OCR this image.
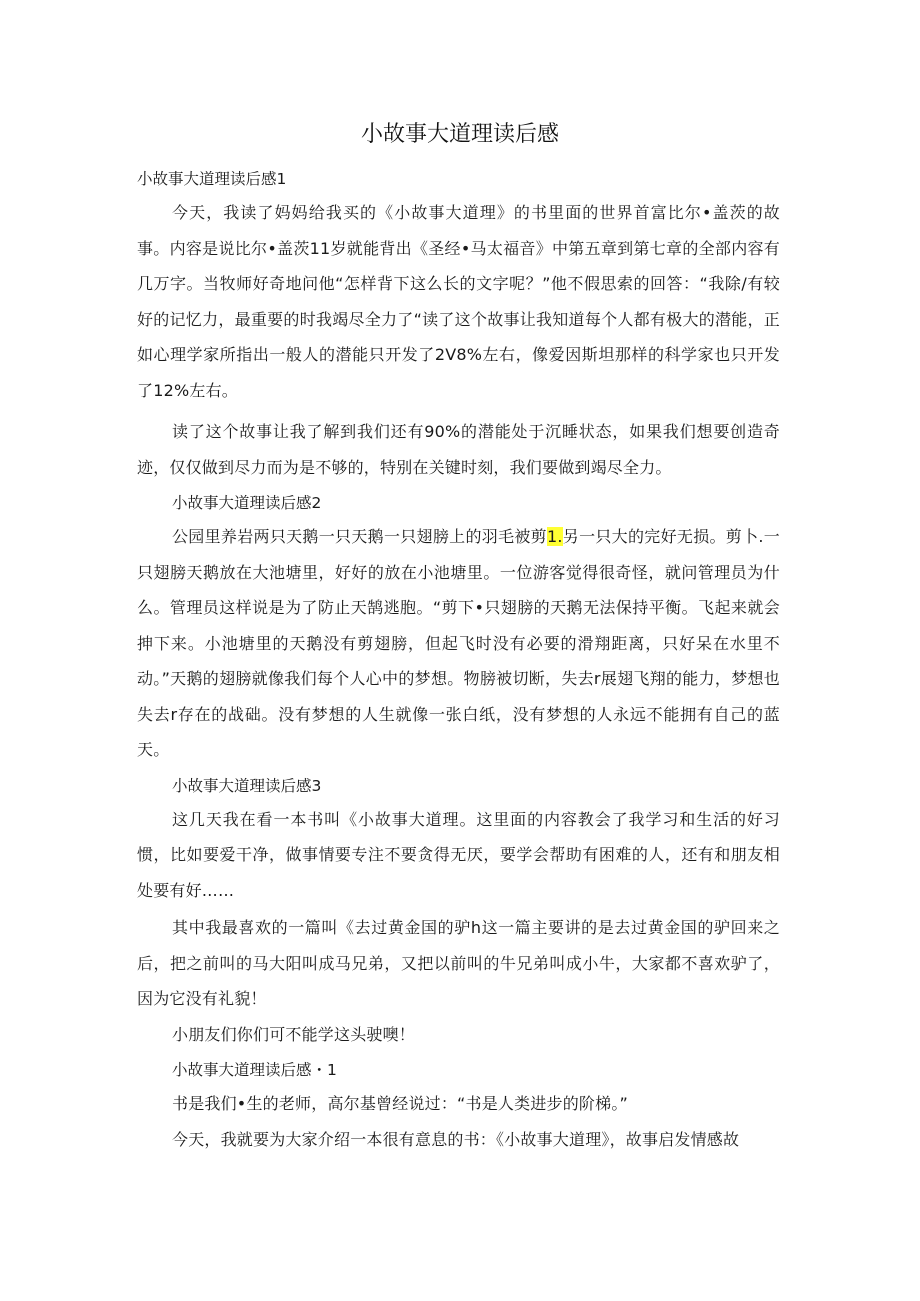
小故事大道理读后感
小故事大道理读后感1

今天，我读了妈妈给我买的《小故事大道理》的书里面的世界首富比尔•盖茨的故事。内容是说比尔•盖茨11岁就能背出《圣经•马太福音》中第五章到第七章的全部内容有几万字。当牧师好奇地问他“怎样背下这么长的文字呢？”他不假思索的回答：“我除/有较好的记忆力，最重要的时我竭尽全力了“读了这个故事让我知道每个人都有极大的潜能，正如心理学家所指出一般人的潜能只开发了2V8%左右，像爱因斯坦那样的科学家也只开发了12%左右。

读了这个故事让我了解到我们还有90%的潜能处于沉睡状态，如果我们想要创造奇迹，仅仅做到尽力而为是不够的，特别在关键时刻，我们要做到竭尽全力。

小故事大道理读后感2

公园里养岩两只天鹅一只天鹅一只翅膀上的羽毛被剪1.另一只大的完好无损。剪卜.一只翅膀天鹅放在大池塘里，好好的放在小池塘里。一位游客觉得很奇怪，就问管理员为什么。管理员这样说是为了防止天鹄逃胞。“剪下•只翅膀的天鹅无法保持平衡。飞起来就会抻下来。小池塘里的天鹅没有剪翅膀，但起飞时没有必要的滑翔距离，只好呆在水里不动。”天鹅的翅膀就像我们每个人心中的梦想。物膀被切断，失去r展翅飞翔的能力，梦想也失去r存在的战础。没有梦想的人生就像一张白纸，没有梦想的人永远不能拥有自己的蓝天。

小故事大道理读后感3

这几天我在看一本书叫《小故事大道理。这里面的内容教会了我学习和生活的好习惯，比如要爱干净，做事情要专注不要贪得无厌，要学会帮助有困难的人，还有和朋友相处要有好……

其中我最喜欢的一篇叫《去过黄金国的驴h这一篇主要讲的是去过黄金国的驴回来之后，把之前叫的马大阳叫成马兄弟，又把以前叫的牛兄弟叫成小牛，大家都不喜欢驴了，因为它没有礼貌！

小朋友们你们可不能学这头驶噢！

小故事大道理读后感・1

书是我们•生的老师，高尔基曾经说过：“书是人类进步的阶梯。”

今天，我就要为大家介绍一本很有意息的书：《小故事大道理》，故事启发情感故
